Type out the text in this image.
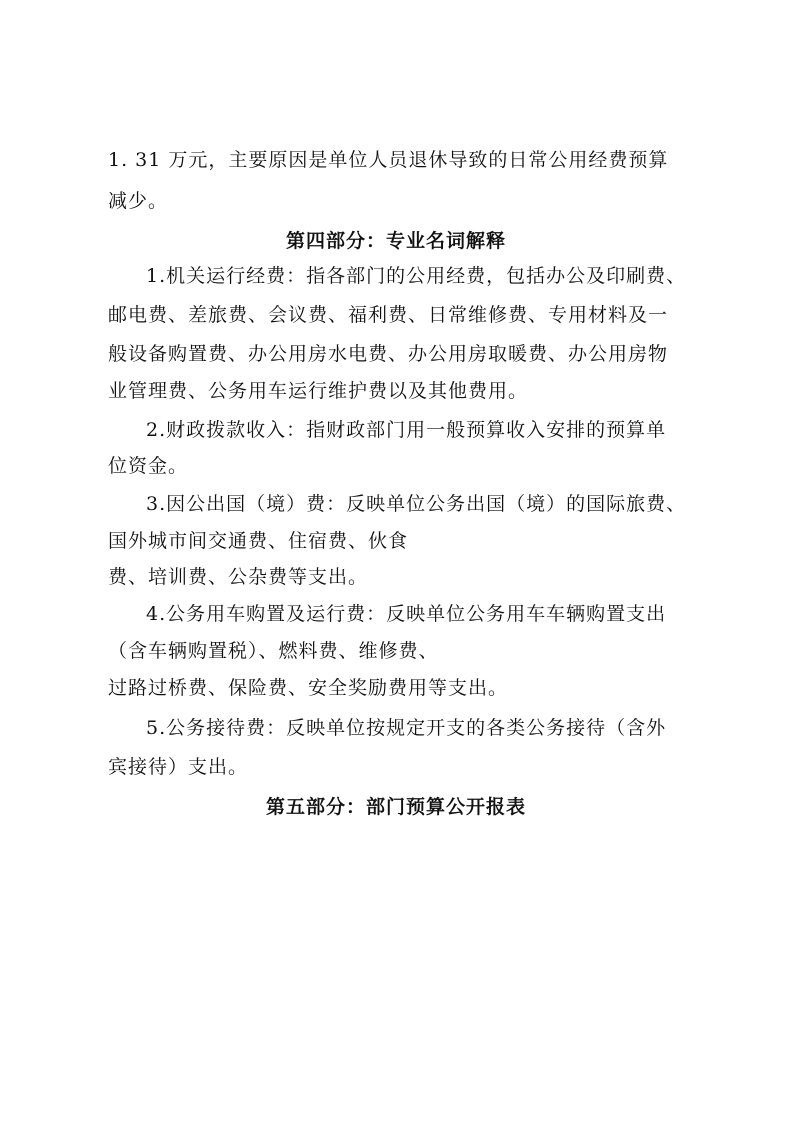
1. 31 万元，主要原因是单位人员退休导致的日常公用经费预算
减少。
第四部分：专业名词解释
1.机关运行经费：指各部门的公用经费，包括办公及印刷费、
邮电费、差旅费、会议费、福利费、日常维修费、专用材料及一
般设备购置费、办公用房水电费、办公用房取暖费、办公用房物
业管理费、公务用车运行维护费以及其他费用。
2.财政拨款收入：指财政部门用一般预算收入安排的预算单
位资金。
3.因公出国（境）费：反映单位公务出国（境）的国际旅费、
国外城市间交通费、住宿费、伙食
费、培训费、公杂费等支出。
4.公务用车购置及运行费：反映单位公务用车车辆购置支出
（含车辆购置税）、燃料费、维修费、
过路过桥费、保险费、安全奖励费用等支出。
5.公务接待费：反映单位按规定开支的各类公务接待（含外
宾接待）支出。
第五部分：部门预算公开报表
